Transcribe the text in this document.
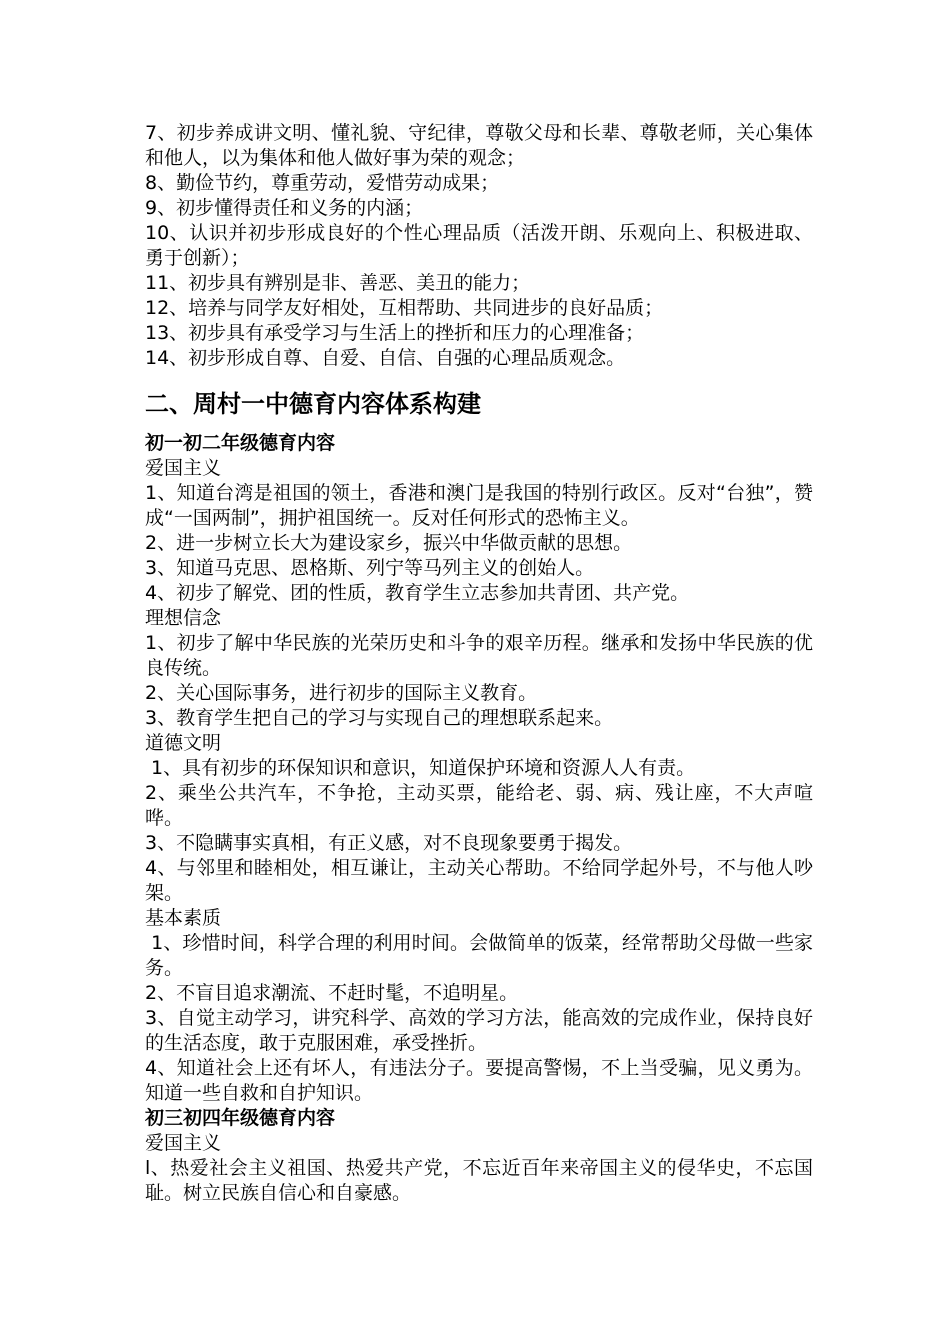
7、初步养成讲文明、懂礼貌、守纪律，尊敬父母和长辈、尊敬老师，关心集体和他人，以为集体和他人做好事为荣的观念；

8、勤俭节约，尊重劳动，爱惜劳动成果；

9、初步懂得责任和义务的内涵；

10、认识并初步形成良好的个性心理品质（活泼开朗、乐观向上、积极进取、勇于创新）；

11、初步具有辨别是非、善恶、美丑的能力；

12、培养与同学友好相处，互相帮助、共同进步的良好品质；

13、初步具有承受学习与生活上的挫折和压力的心理准备；

14、初步形成自尊、自爱、自信、自强的心理品质观念。

二、周村一中德育内容体系构建

初一初二年级德育内容

爱国主义

1、知道台湾是祖国的领土，香港和澳门是我国的特别行政区。反对“台独”，赞成“一国两制”，拥护祖国统一。反对任何形式的恐怖主义。

2、进一步树立长大为建设家乡，振兴中华做贡献的思想。

3、知道马克思、恩格斯、列宁等马列主义的创始人。

4、初步了解党、团的性质，教育学生立志参加共青团、共产党。

理想信念

1、初步了解中华民族的光荣历史和斗争的艰辛历程。继承和发扬中华民族的优良传统。

2、关心国际事务，进行初步的国际主义教育。

3、教育学生把自己的学习与实现自己的理想联系起来。

道德文明

1、具有初步的环保知识和意识，知道保护环境和资源人人有责。

2、乘坐公共汽车，不争抢，主动买票，能给老、弱、病、残让座，不大声喧哗。

3、不隐瞒事实真相，有正义感，对不良现象要勇于揭发。

4、与邻里和睦相处，相互谦让，主动关心帮助。不给同学起外号，不与他人吵架。

基本素质

1、珍惜时间，科学合理的利用时间。会做简单的饭菜，经常帮助父母做一些家务。

2、不盲目追求潮流、不赶时髦，不追明星。

3、自觉主动学习，讲究科学、高效的学习方法，能高效的完成作业，保持良好的生活态度，敢于克服困难，承受挫折。

4、知道社会上还有坏人，有违法分子。要提高警惕，不上当受骗，见义勇为。知道一些自救和自护知识。

初三初四年级德育内容

爱国主义

l、热爱社会主义祖国、热爱共产党，不忘近百年来帝国主义的侵华史，不忘国耻。树立民族自信心和自豪感。
